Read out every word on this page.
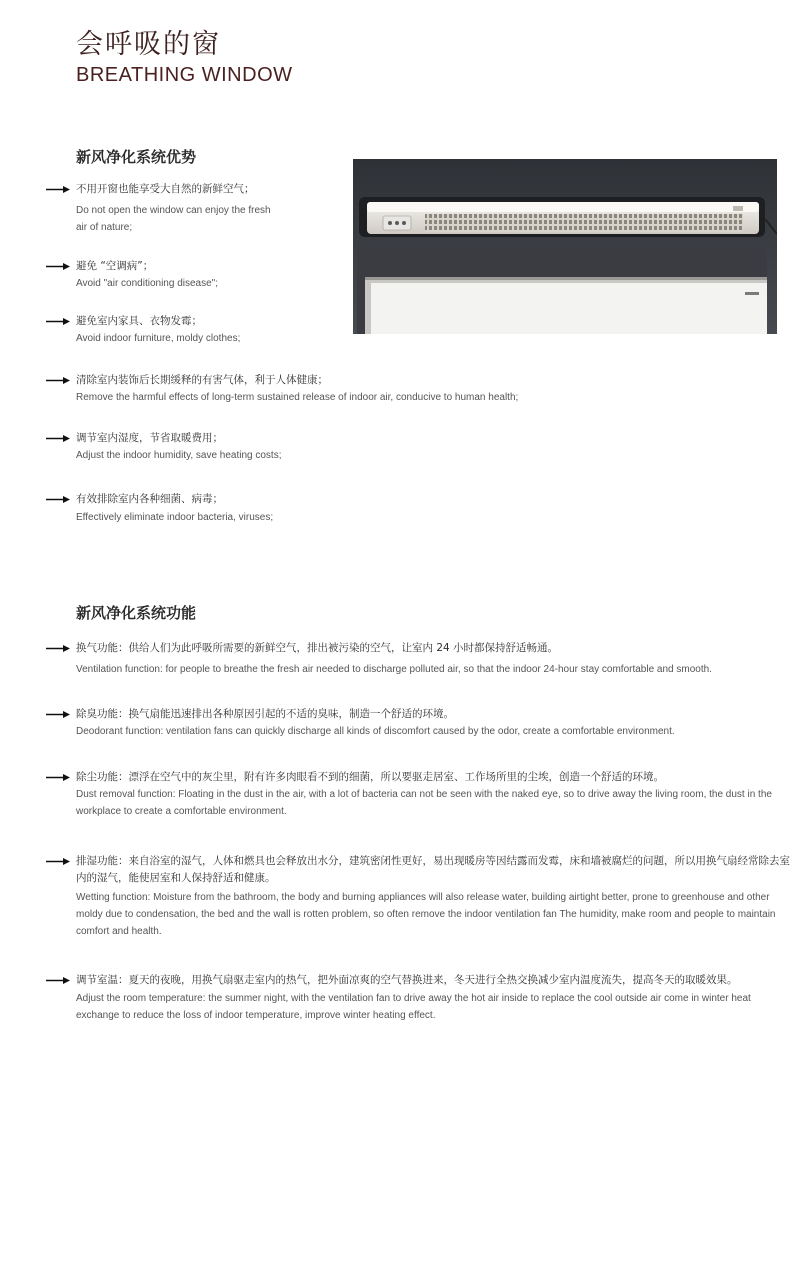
会呼吸的窗
BREATHING WINDOW
新风净化系统优势
不用开窗也能享受大自然的新鲜空气；
Do not open the window can enjoy the fresh air of nature;
避免 “空调病”；
Avoid "air conditioning disease";
避免室内家具、衣物发霉；
Avoid indoor furniture, moldy clothes;
清除室内装饰后长期缓释的有害气体，利于人体健康；
Remove the harmful effects of long-term sustained release of indoor air, conducive to human health;
调节室内湿度，节省取暖费用；
Adjust the indoor humidity, save heating costs;
有效排除室内各种细菌、病毒；
Effectively eliminate indoor bacteria, viruses;
新风净化系统功能
换气功能：供给人们为此呼吸所需要的新鲜空气，排出被污染的空气，让室内 24 小时都保持舒适畅通。
Ventilation function: for people to breathe the fresh air needed to discharge polluted air, so that the indoor 24-hour stay comfortable and smooth.
除臭功能：换气扇能迅速排出各种原因引起的不适的臭味，制造一个舒适的环境。
Deodorant function: ventilation fans can quickly discharge all kinds of discomfort caused by the odor, create a comfortable environment.
除尘功能：漂浮在空气中的灰尘里，附有许多肉眼看不到的细菌，所以要驱走居室、工作场所里的尘埃，创造一个舒适的环境。
Dust removal function: Floating in the dust in the air, with a lot of bacteria can not be seen with the naked eye, so to drive away the living room, the dust in the workplace to create a comfortable environment.
排湿功能：来自浴室的湿气，人体和燃具也会释放出水分，建筑密闭性更好，易出现暖房等因结露而发霉，床和墙被腐烂的问题，所以用换气扇经常除去室内的湿气，能使居室和人保持舒适和健康。
Wetting function: Moisture from the bathroom, the body and burning appliances will also release water, building airtight better, prone to greenhouse and other moldy due to condensation, the bed and the wall is rotten problem, so often remove the indoor ventilation fan The humidity, make room and people to maintain comfort and health.
调节室温：夏天的夜晚，用换气扇驱走室内的热气，把外面凉爽的空气替换进来，冬天进行全热交换减少室内温度流失，提高冬天的取暖效果。
Adjust the room temperature: the summer night, with the ventilation fan to drive away the hot air inside to replace the cool outside air come in winter heat exchange to reduce the loss of indoor temperature, improve winter heating effect.
